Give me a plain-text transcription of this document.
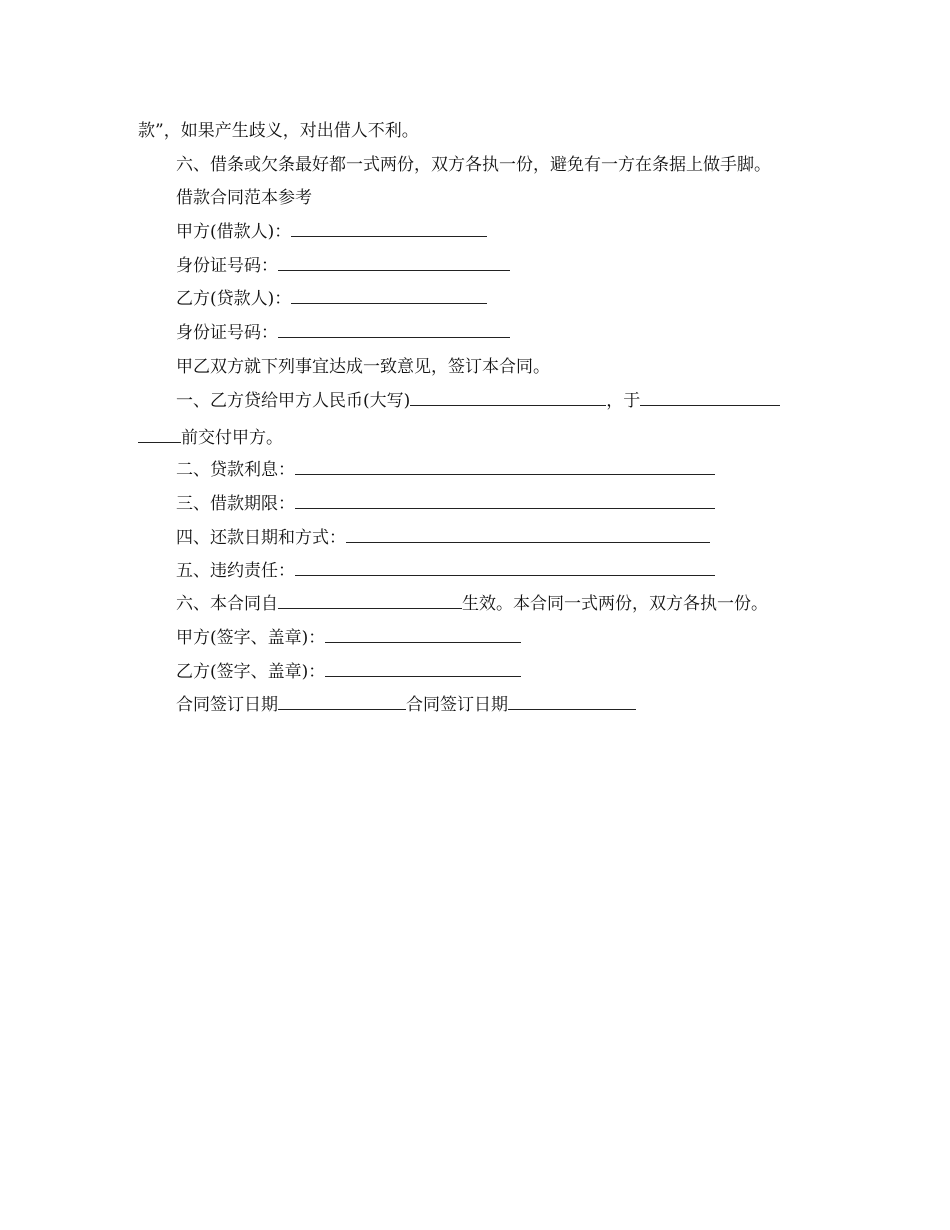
款”，如果产生歧义，对出借人不利。
六、借条或欠条最好都一式两份，双方各执一份，避免有一方在条据上做手脚。
借款合同范本参考
甲方(借款人)：
身份证号码：
乙方(贷款人)：
身份证号码：
甲乙双方就下列事宜达成一致意见，签订本合同。
一、乙方贷给甲方人民币(大写)	，于
前交付甲方。
二、贷款利息：
三、借款期限：
四、还款日期和方式：
五、违约责任：
六、本合同自	生效。本合同一式两份，双方各执一份。
甲方(签字、盖章)：
乙方(签字、盖章)：
合同签订日期	合同签订日期
